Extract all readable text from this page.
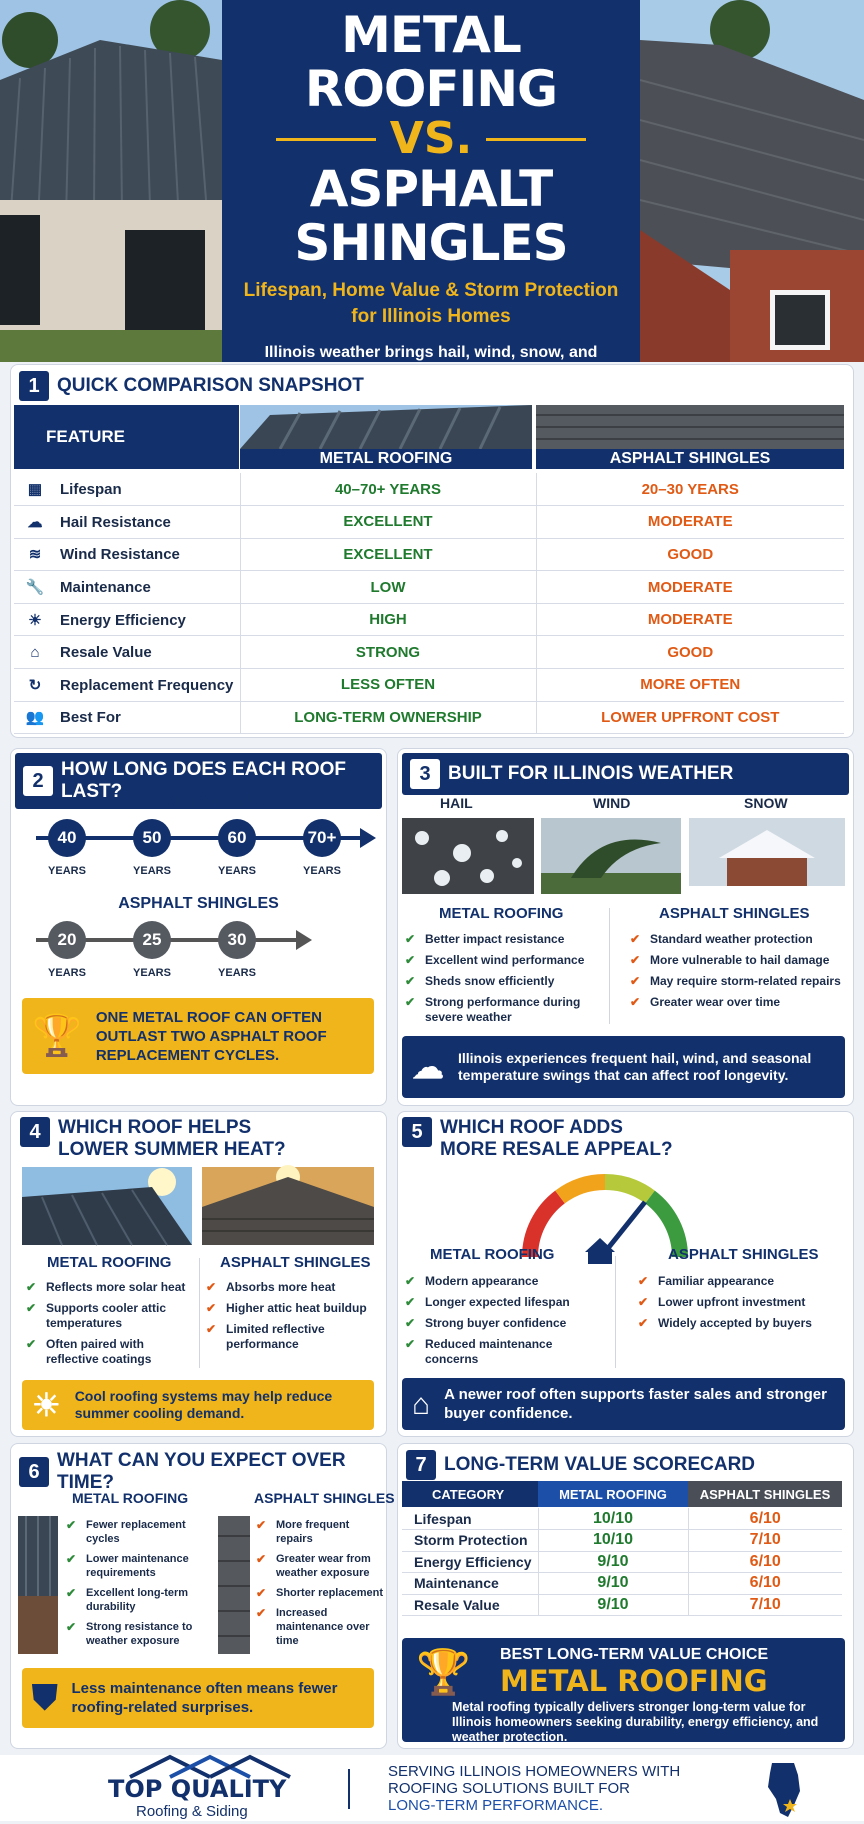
METAL ROOFING
VS.
ASPHALT SHINGLES
Lifespan, Home Value & Storm Protection
for Illinois Homes
Illinois weather brings hail, wind, snow, and
1 QUICK COMPARISON SNAPSHOT
FEATURE
METAL ROOFING	ASPHALT SHINGLES
▦ Lifespan	40–70+ YEARS	20–30 YEARS
☁ Hail Resistance	EXCELLENT	MODERATE
≋ Wind Resistance	EXCELLENT	GOOD
🔧 Maintenance	LOW	MODERATE
☀ Energy Efficiency	HIGH	MODERATE
⌂ Resale Value	STRONG	GOOD
↻ Replacement Frequency	LESS OFTEN	MORE OFTEN
👥 Best For	LONG-TERM OWNERSHIP	LOWER UPFRONT COST
2 HOW LONG DOES EACH ROOF LAST? METAL ROOFING
40
YEARS
50
YEARS
60
YEARS
70+
YEARS
ASPHALT SHINGLES
20
YEARS
25
YEARS
30
YEARS
🏆 ONE METAL ROOF CAN OFTEN OUTLAST TWO ASPHALT ROOF REPLACEMENT CYCLES.
3 BUILT FOR ILLINOIS WEATHER
HAIL	WIND	SNOW
METAL ROOFING	ASPHALT SHINGLES
✔ Better impact resistance
✔ Excellent wind performance
✔ Sheds snow efficiently
✔ Strong performance during severe weather
✔ Standard weather protection
✔ More vulnerable to hail damage
✔ May require storm-related repairs
✔ Greater wear over time
☁ Illinois experiences frequent hail, wind, and seasonal temperature swings that can affect roof longevity.
4 WHICH ROOF HELPS
LOWER SUMMER HEAT?
METAL ROOFING	ASPHALT SHINGLES
✔ Reflects more solar heat
✔ Supports cooler attic temperatures
✔ Often paired with reflective coatings
✔ Absorbs more heat
✔ Higher attic heat buildup
✔ Limited reflective performance
☀ Cool roofing systems may help reduce summer cooling demand.
5 WHICH ROOF ADDS
MORE RESALE APPEAL?
METAL ROOFING	ASPHALT SHINGLES
✔ Modern appearance
✔ Longer expected lifespan
✔ Strong buyer confidence
✔ Reduced maintenance concerns
✔ Familiar appearance
✔ Lower upfront investment
✔ Widely accepted by buyers
⌂ A newer roof often supports faster sales and stronger buyer confidence.
6 WHAT CAN YOU EXPECT OVER TIME?
METAL ROOFING	ASPHALT SHINGLES
✔ Fewer replacement cycles
✔ Lower maintenance requirements
✔ Excellent long-term durability
✔ Strong resistance to weather exposure
✔ More frequent repairs
✔ Greater wear from weather exposure
✔ Shorter replacement
✔ Increased maintenance over time
⛊ Less maintenance often means fewer roofing-related surprises.
7 LONG-TERM VALUE SCORECARD
CATEGORY	METAL ROOFING	ASPHALT SHINGLES
Lifespan	10/10	6/10
Storm Protection	10/10	7/10
Energy Efficiency	9/10	6/10
Maintenance	9/10	6/10
Resale Value	9/10	7/10
🏆 BEST LONG-TERM VALUE CHOICE
METAL ROOFING
Metal roofing typically delivers stronger long-term value for Illinois homeowners seeking durability, energy efficiency, and weather protection.
TOP QUALITY
Roofing & Siding
SERVING ILLINOIS HOMEOWNERS WITH
ROOFING SOLUTIONS BUILT FOR
LONG-TERM PERFORMANCE.
